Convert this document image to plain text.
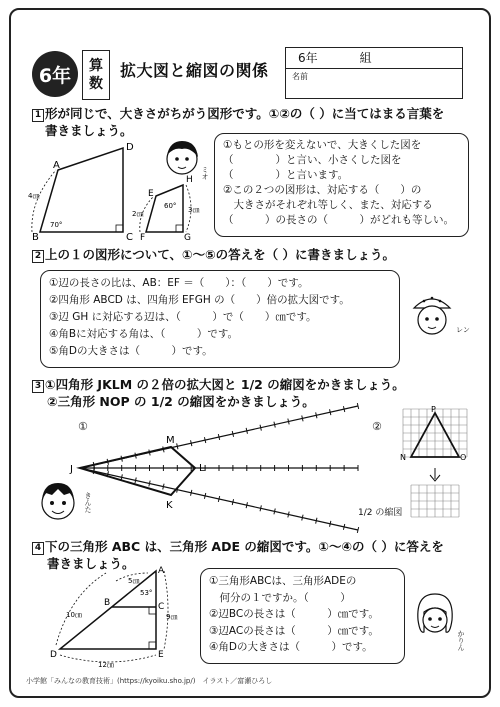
6年	算
数
拡大図と縮図の関係
6年	組
名前
1 形が同じで、大きさがちがう図形です。①②の（ ）に当てはまる言葉を
書きましょう。
A
D
B	C
E
H
F	G
4㎝
2㎝	3㎝
70°
60°
ミオ
①もとの形を変えないで、大きくした図を
（　　　　）と言い、小さくした図を
（　　　　）と言います。
②この２つの図形は、対応する（　　）の
　大きさがそれぞれ等しく、また、対応する
（　　　）の長さの（　　　）がどれも等しい。
2 上の１の図形について、①～⑤の答えを（ ）に書きましょう。
①辺の長さの比は、AB：EF ＝（　　）：（　　）です。
②四角形 ABCD は、四角形 EFGH の（　　）倍の拡大図です。
③辺 GH に対応する辺は、（　　　）で（　　）㎝です。
④角Bに対応する角は、（　　　）です。
⑤角Dの大きさは（　　　）です。
レン
3 ①四角形 JKLM の２倍の拡大図と 1/2 の縮図をかきましょう。
②三角形 NOP の 1/2 の縮図をかきましょう。
①	②
J
M
L
K
N
P
O
1/2 の縮図
きんた
4 下の三角形 ABC は、三角形 ADE の縮図です。①～④の（ ）に答えを
書きましょう。	A
B	C
D	E
5㎝
53°
10㎝	9㎝
12㎝
①三角形ABCは、三角形ADEの
　何分の１ですか。（　　　）
②辺BCの長さは（　　　）㎝です。
③辺ACの長さは（　　　）㎝です。
④角Dの大きさは（　　　）です。	かりん
小学館「みんなの教育技術」(https://kyoiku.sho.jp/)　イラスト／富瀬ひろし
